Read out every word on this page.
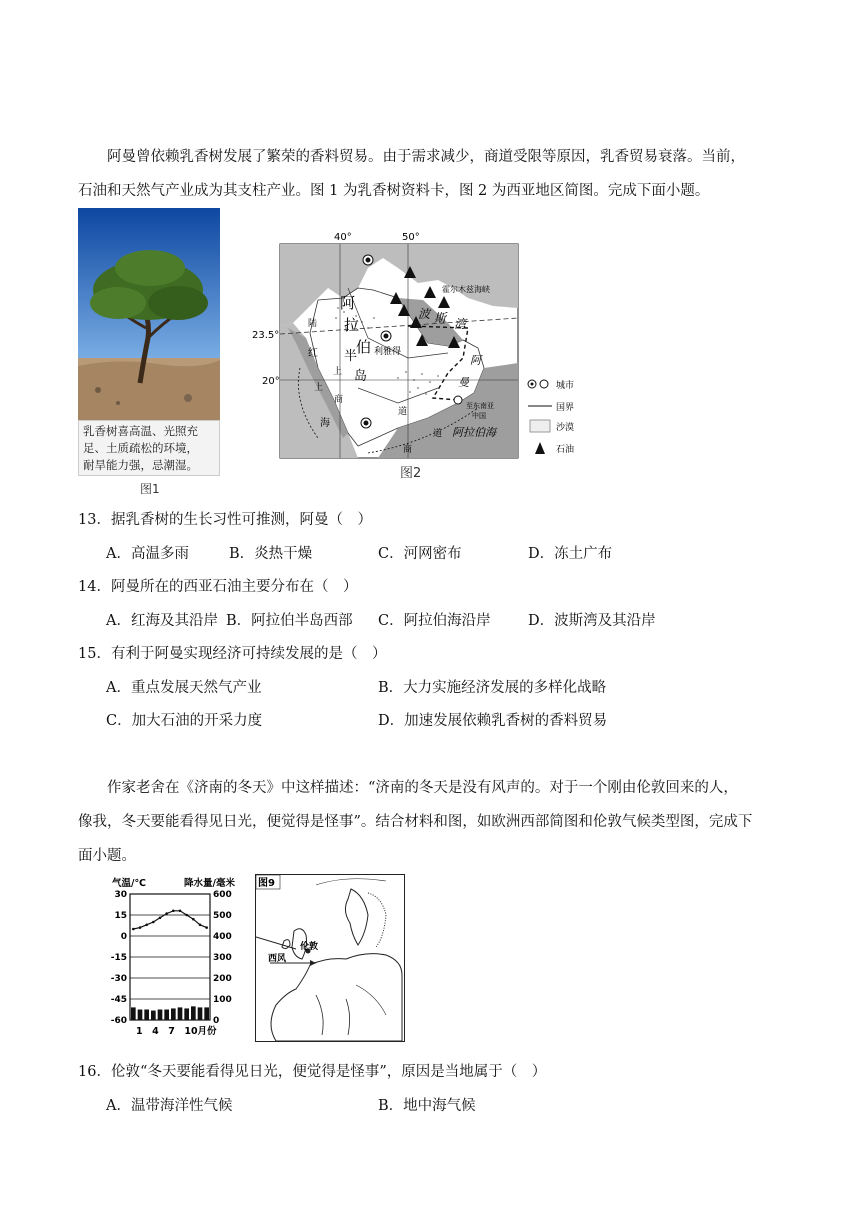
阿曼曾依赖乳香树发展了繁荣的香料贸易。由于需求减少，商道受限等原因，乳香贸易衰落。当前，

石油和天然气产业成为其支柱产业。图 1 为乳香树资料卡，图 2 为西亚地区简图。完成下面小题。

乳香树喜高温、光照充
足、土质疏松的环境，
耐旱能力强，忌潮湿。
图1
40°	50°
23.5°
20°
阿
拉
伯
半
岛
陆
上
红
海
上
商
道
道
商
波 斯 湾
阿
曼
霍尔木兹海峡
利雅得
阿拉伯海
至东南亚
中国
城市
国界
沙漠
石油
图2
13．据乳香树的生长习性可推测，阿曼（　）
A．高温多雨	B．炎热干燥	C．河网密布	D．冻土广布
14．阿曼所在的西亚石油主要分布在（　）
A．红海及其沿岸 B．阿拉伯半岛西部 C．阿拉伯海沿岸	D．波斯湾及其沿岸
15．有利于阿曼实现经济可持续发展的是（　）
A．重点发展天然气产业	B．大力实施经济发展的多样化战略
C．加大石油的开采力度	D．加速发展依赖乳香树的香料贸易

作家老舍在《济南的冬天》中这样描述：“济南的冬天是没有风声的。对于一个刚由伦敦回来的人，

像我，冬天要能看得见日光，便觉得是怪事”。结合材料和图，如欧洲西部简图和伦敦气候类型图，完成下

面小题。

气温/℃	降水量/毫米
30
15
0
-15
-30
-45
-60
600
500
400
300
200
100
0
1　4　7　10月份
图9
西风
伦敦
16．伦敦“冬天要能看得见日光，便觉得是怪事”，原因是当地属于（　）
A．温带海洋性气候	B．地中海气候
